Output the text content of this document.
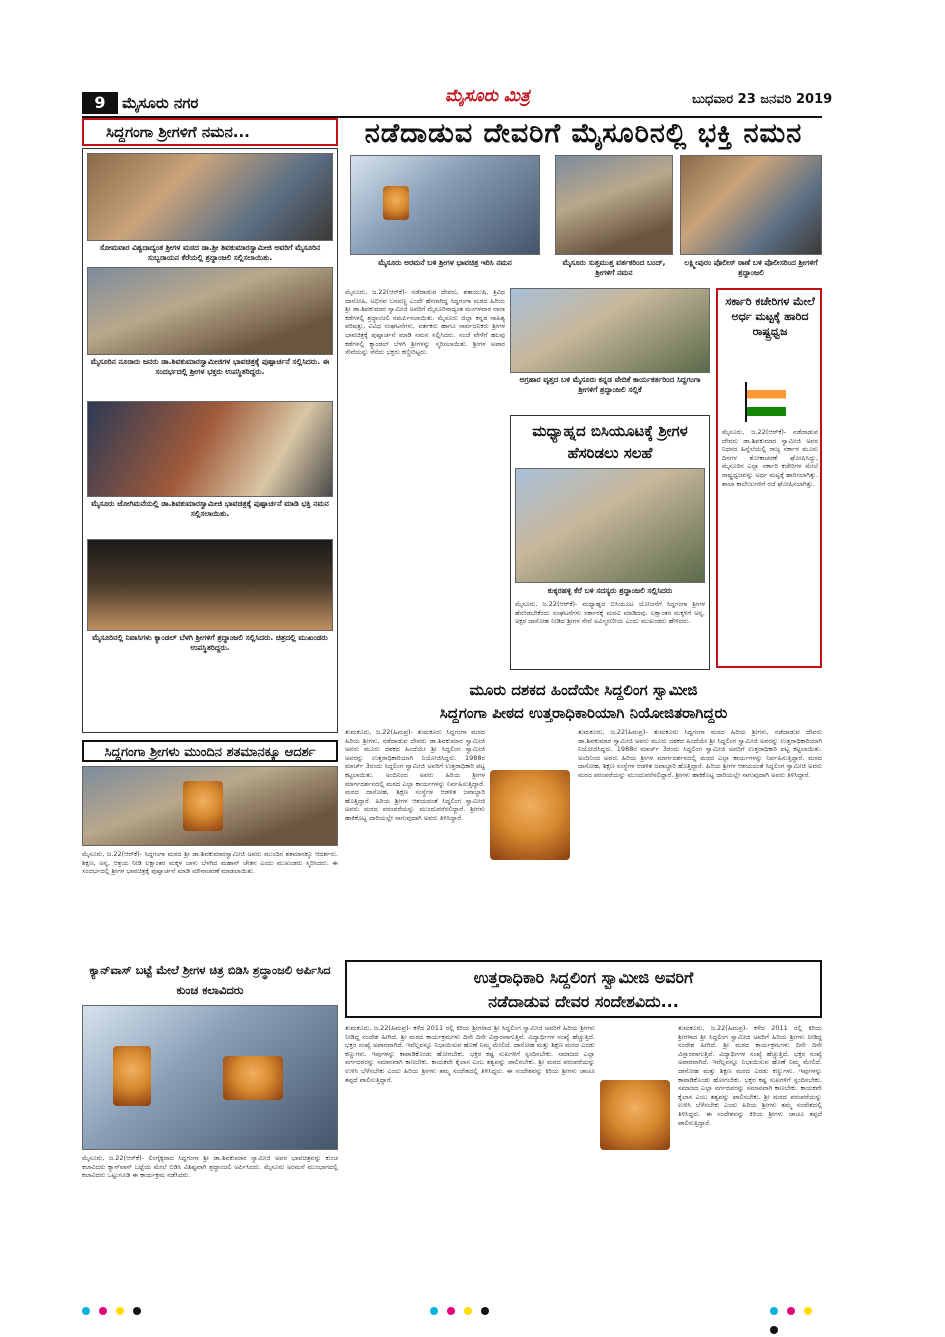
9	ಮೈಸೂರು ನಗರ	ಮೈಸೂರು ಮಿತ್ರ	ಬುಧವಾರ 23 ಜನವರಿ 2019
ಸಿದ್ದಗಂಗಾ ಶ್ರೀಗಳಿಗೆ ನಮನ...	ನಡೆದಾಡುವ ದೇವರಿಗೆ ಮೈಸೂರಿನಲ್ಲಿ ಭಕ್ತಿ ನಮನ
ಸೋಮವಾರ ವಿಶ್ವದಾದ್ಯಂತ ಶ್ರೀಗಳ ಮಠದ ಡಾ.ಶ್ರೀ ಶಿವಕುಮಾರಸ್ವಾಮೀಜಿ ಅವರಿಗೆ ಮೈಸೂರಿನ ಸುಬ್ಬರಾಯನ ಕೆರೆಯಲ್ಲಿ ಶ್ರದ್ಧಾಂಜಲಿ ಸಲ್ಲಿಸಲಾಯಿತು.
ಮೈಸೂರಿನ ನೂರಾರು ಜನರು ಡಾ.ಶಿವಕುಮಾರಸ್ವಾಮೀಜಿಗಳ ಭಾವಚಿತ್ರಕ್ಕೆ ಪುಷ್ಪಾರ್ಚನೆ ಸಲ್ಲಿಸಿದರು. ಈ ಸಂದರ್ಭದಲ್ಲಿ ಶ್ರೀಗಳ ಭಕ್ತರು ಉಪಸ್ಥಿತರಿದ್ದರು.
ಮೈಸೂರು ಜೋಗಿಮನೆಯಲ್ಲಿ ಡಾ.ಶಿವಕುಮಾರಸ್ವಾಮೀಜಿ ಭಾವಚಿತ್ರಕ್ಕೆ ಪುಷ್ಪಾರ್ಚನೆ ಮಾಡಿ ಭಕ್ತಿ ನಮನ ಸಲ್ಲಿಸಲಾಯಿತು.
ಮೈಸೂರಿನಲ್ಲಿ ನಿವಾಸಿಗಳು ಕ್ಯಾಂಡಲ್ ಬೆಳಗಿ ಶ್ರೀಗಳಿಗೆ ಶ್ರದ್ಧಾಂಜಲಿ ಸಲ್ಲಿಸಿದರು. ಚಿತ್ರದಲ್ಲಿ ಮುಖಂಡರು ಉಪಸ್ಥಿತರಿದ್ದರು.
ಮೈಸೂರು ಅರಮನೆ ಬಳಿ ಶ್ರೀಗಳ ಭಾವಚಿತ್ರ ಇರಿಸಿ ನಮನ	ಮೈಸೂರು ಸುತ್ತಮುತ್ತ ವರ್ತಕರಿಂದ ಬಂದ್, ಶ್ರೀಗಳಿಗೆ ನಮನ
ಲಕ್ಷ್ಮೀಪುರಂ ಪೊಲೀಸ್ ಠಾಣೆ ಬಳಿ ಪೊಲೀಸರಿಂದ ಶ್ರೀಗಳಿಗೆ ಶ್ರದ್ಧಾಂಜಲಿ
ಮೈಸೂರು, ಜ.22(ಆರ್‌ಕೆ)- ನಡೆದಾಡುವ ದೇವರು, ಶತಾಯುಷಿ, ತ್ರಿವಿಧ ದಾಸೋಹಿ, ಅಭಿನವ ಬಸವಣ್ಣ ಎಂದೇ ಹೆಸರಾಗಿದ್ದ ಸಿದ್ದಗಂಗಾ ಮಠದ ಹಿರಿಯ ಶ್ರೀ ಡಾ.ಶಿವಕುಮಾರ ಸ್ವಾಮೀಜಿ ಅವರಿಗೆ ಮೈಸೂರಿನಾದ್ಯಂತ ಮಂಗಳವಾರ ನಾನಾ ಕಡೆಗಳಲ್ಲಿ ಶ್ರದ್ಧಾಂಜಲಿ ಸಮರ್ಪಿಸಲಾಯಿತು. ಮೈಸೂರು ಜಿಲ್ಲಾ ಕನ್ನಡ ಸಾಹಿತ್ಯ ಪರಿಷತ್ತು, ವಿವಿಧ ಸಂಘಟನೆಗಳು, ವರ್ತಕರು ಹಾಗೂ ಸಾರ್ವಜನಿಕರು ಶ್ರೀಗಳ ಭಾವಚಿತ್ರಕ್ಕೆ ಪುಷ್ಪಾರ್ಚನೆ ಮಾಡಿ ನಮನ ಸಲ್ಲಿಸಿದರು. ಸಂಜೆ ವೇಳೆಗೆ ಹಲವು ಕಡೆಗಳಲ್ಲಿ ಕ್ಯಾಂಡಲ್ ಬೆಳಗಿ ಶ್ರೀಗಳನ್ನು ಸ್ಮರಿಸಲಾಯಿತು. ಶ್ರೀಗಳ ಅಪಾರ ಸೇವೆಯನ್ನು ನೆನೆದು ಭಕ್ತರು ಕಣ್ಣೀರಿಟ್ಟರು.
ಅಗ್ರಹಾರ ವೃತ್ತದ ಬಳಿ ಮೈಸೂರು ಕನ್ನಡ ವೇದಿಕೆ ಕಾರ್ಯಕರ್ತರಿಂದ ಸಿದ್ದಗಂಗಾ ಶ್ರೀಗಳಿಗೆ ಶ್ರದ್ಧಾಂಜಲಿ ಸಲ್ಲಿಕೆ
ಮಧ್ಯಾಹ್ನದ ಬಿಸಿಯೂಟಕ್ಕೆ ಶ್ರೀಗಳ ಹೆಸರಿಡಲು ಸಲಹೆ
ಕುಕ್ಕರಹಳ್ಳಿ ಕೆರೆ ಬಳಿ ಸದಸ್ಯರು ಶ್ರದ್ಧಾಂಜಲಿ ಸಲ್ಲಿಸಿದರು
ಮೈಸೂರು, ಜ.22(ಆರ್‌ಕೆ)- ಮಧ್ಯಾಹ್ನದ ಬಿಸಿಯೂಟ ಯೋಜನೆಗೆ ಸಿದ್ದಗಂಗಾ ಶ್ರೀಗಳ ಹೆಸರಿಡಬೇಕೆಂದು ಸಂಘಟನೆಗಳು ಸರ್ಕಾರಕ್ಕೆ ಮನವಿ ಮಾಡಿದವು. ಲಕ್ಷಾಂತರ ಮಕ್ಕಳಿಗೆ ಅನ್ನ, ಅಕ್ಷರ ದಾಸೋಹ ನೀಡಿದ ಶ್ರೀಗಳ ಸೇವೆ ಅವಿಸ್ಮರಣೀಯ ಎಂದು ಮುಖಂಡರು ಹೇಳಿದರು.
ಸರ್ಕಾರಿ ಕಚೇರಿಗಳ ಮೇಲೆ ಅರ್ಧ ಮಟ್ಟಕ್ಕೆ ಹಾರಿದ ರಾಷ್ಟ್ರಧ್ವಜ
ಮೈಸೂರು, ಜ.22(ಆರ್‌ಕೆ)- ನಡೆದಾಡುವ ದೇವರು ಡಾ.ಶಿವಕುಮಾರ ಸ್ವಾಮೀಜಿ ಅವರ ನಿಧನದ ಹಿನ್ನೆಲೆಯಲ್ಲಿ ರಾಜ್ಯ ಸರ್ಕಾರ ಮೂರು ದಿನಗಳ ಶೋಕಾಚರಣೆ ಘೋಷಿಸಿದ್ದು, ಮೈಸೂರಿನ ಎಲ್ಲಾ ಸರ್ಕಾರಿ ಕಚೇರಿಗಳ ಮೇಲೆ ರಾಷ್ಟ್ರಧ್ವಜವನ್ನು ಅರ್ಧ ಮಟ್ಟಕ್ಕೆ ಹಾರಿಸಲಾಗಿತ್ತು. ಶಾಲಾ ಕಾಲೇಜುಗಳಿಗೆ ರಜೆ ಘೋಷಿಸಲಾಗಿತ್ತು.
ಸಿದ್ದಗಂಗಾ ಶ್ರೀಗಳು ಮುಂದಿನ ಶತಮಾನಕ್ಕೂ ಆದರ್ಶ
ಮೈಸೂರು, ಜ.22(ಆರ್‌ಕೆ)- ಸಿದ್ದಗಂಗಾ ಮಠದ ಶ್ರೀ ಡಾ.ಶಿವಕುಮಾರಸ್ವಾಮೀಜಿ ಅವರು ಮುಂದಿನ ಶತಮಾನಕ್ಕೂ ಆದರ್ಶರು. ಶಿಕ್ಷಣ, ಅನ್ನ, ಆಶ್ರಯ ನೀಡಿ ಲಕ್ಷಾಂತರ ಮಕ್ಕಳ ಬಾಳು ಬೆಳಗಿದ ಮಹಾನ್ ಚೇತನ ಎಂದು ಮುಖಂಡರು ಸ್ಮರಿಸಿದರು. ಈ ಸಂದರ್ಭದಲ್ಲಿ ಶ್ರೀಗಳ ಭಾವಚಿತ್ರಕ್ಕೆ ಪುಷ್ಪಾರ್ಚನೆ ಮಾಡಿ ಮೌನಾಚರಣೆ ಮಾಡಲಾಯಿತು.
ಕ್ಯಾನ್‌ವಾಸ್ ಬಟ್ಟೆ ಮೇಲೆ ಶ್ರೀಗಳ ಚಿತ್ರ ಬಿಡಿಸಿ ಶ್ರದ್ಧಾಂಜಲಿ ಅರ್ಪಿಸಿದ ಕುಂಚ ಕಲಾವಿದರು
ಮೈಸೂರು, ಜ.22(ಆರ್‌ಕೆ)- ಲಿಂಗೈಕ್ಯರಾದ ಸಿದ್ದಗಂಗಾ ಶ್ರೀ ಡಾ.ಶಿವಕುಮಾರ ಸ್ವಾಮೀಜಿ ಅವರ ಭಾವಚಿತ್ರವನ್ನು ಕುಂಚ ಕಲಾವಿದರು ಕ್ಯಾನ್‌ವಾಸ್ ಬಟ್ಟೆಯ ಮೇಲೆ ಬಿಡಿಸಿ ವಿಶಿಷ್ಟವಾಗಿ ಶ್ರದ್ಧಾಂಜಲಿ ಅರ್ಪಿಸಿದರು. ಮೈಸೂರು ಅರಮನೆ ಮುಂಭಾಗದಲ್ಲಿ ಕಲಾವಿದರು ಒಟ್ಟುಗೂಡಿ ಈ ಕಾರ್ಯಕ್ರಮ ನಡೆಸಿದರು.
ಮೂರು ದಶಕದ ಹಿಂದೆಯೇ ಸಿದ್ದಲಿಂಗ ಸ್ವಾಮೀಜಿ
ಸಿದ್ದಗಂಗಾ ಪೀಠದ ಉತ್ತರಾಧಿಕಾರಿಯಾಗಿ ನಿಯೋಜಿತರಾಗಿದ್ದರು
ತುಮಕೂರು, ಜ.22(ಹಿಮಪ್ರ)- ತುಮಕೂರು ಸಿದ್ದಗಂಗಾ ಮಠದ ಹಿರಿಯ ಶ್ರೀಗಳು, ನಡೆದಾಡುವ ದೇವರು ಡಾ.ಶಿವಕುಮಾರ ಸ್ವಾಮೀಜಿ ಅವರು ಮೂರು ದಶಕದ ಹಿಂದೆಯೇ ಶ್ರೀ ಸಿದ್ದಲಿಂಗ ಸ್ವಾಮೀಜಿ ಅವರನ್ನು ಉತ್ತರಾಧಿಕಾರಿಯಾಗಿ ನಿಯೋಜಿಸಿದ್ದರು. 1988ರ ಮಾರ್ಚ್ 3ರಂದು ಸಿದ್ದಲಿಂಗ ಸ್ವಾಮೀಜಿ ಅವರಿಗೆ ಉತ್ತರಾಧಿಕಾರಿ ಪಟ್ಟ ಕಟ್ಟಲಾಯಿತು. ಅಂದಿನಿಂದ ಅವರು ಹಿರಿಯ ಶ್ರೀಗಳ ಮಾರ್ಗದರ್ಶನದಲ್ಲಿ ಮಠದ ಎಲ್ಲಾ ಕಾರ್ಯಗಳನ್ನು ನಿರ್ವಹಿಸುತ್ತಿದ್ದಾರೆ. ಮಠದ ದಾಸೋಹ, ಶಿಕ್ಷಣ ಸಂಸ್ಥೆಗಳ ಆಡಳಿತ ಜವಾಬ್ದಾರಿ ಹೊತ್ತಿದ್ದಾರೆ. ಹಿರಿಯ ಶ್ರೀಗಳ ಆಶಯದಂತೆ ಸಿದ್ದಲಿಂಗ ಸ್ವಾಮೀಜಿ ಅವರು ಮಠದ ಪರಂಪರೆಯನ್ನು ಮುಂದುವರೆಸಲಿದ್ದಾರೆ. ಶ್ರೀಗಳು ಹಾಕಿಕೊಟ್ಟ ದಾರಿಯಲ್ಲೇ ಸಾಗುವುದಾಗಿ ಅವರು ತಿಳಿಸಿದ್ದಾರೆ.
ತುಮಕೂರು, ಜ.22(ಹಿಮಪ್ರ)- ತುಮಕೂರು ಸಿದ್ದಗಂಗಾ ಮಠದ ಹಿರಿಯ ಶ್ರೀಗಳು, ನಡೆದಾಡುವ ದೇವರು ಡಾ.ಶಿವಕುಮಾರ ಸ್ವಾಮೀಜಿ ಅವರು ಮೂರು ದಶಕದ ಹಿಂದೆಯೇ ಶ್ರೀ ಸಿದ್ದಲಿಂಗ ಸ್ವಾಮೀಜಿ ಅವರನ್ನು ಉತ್ತರಾಧಿಕಾರಿಯಾಗಿ ನಿಯೋಜಿಸಿದ್ದರು. 1988ರ ಮಾರ್ಚ್ 3ರಂದು ಸಿದ್ದಲಿಂಗ ಸ್ವಾಮೀಜಿ ಅವರಿಗೆ ಉತ್ತರಾಧಿಕಾರಿ ಪಟ್ಟ ಕಟ್ಟಲಾಯಿತು. ಅಂದಿನಿಂದ ಅವರು ಹಿರಿಯ ಶ್ರೀಗಳ ಮಾರ್ಗದರ್ಶನದಲ್ಲಿ ಮಠದ ಎಲ್ಲಾ ಕಾರ್ಯಗಳನ್ನು ನಿರ್ವಹಿಸುತ್ತಿದ್ದಾರೆ. ಮಠದ ದಾಸೋಹ, ಶಿಕ್ಷಣ ಸಂಸ್ಥೆಗಳ ಆಡಳಿತ ಜವಾಬ್ದಾರಿ ಹೊತ್ತಿದ್ದಾರೆ. ಹಿರಿಯ ಶ್ರೀಗಳ ಆಶಯದಂತೆ ಸಿದ್ದಲಿಂಗ ಸ್ವಾಮೀಜಿ ಅವರು ಮಠದ ಪರಂಪರೆಯನ್ನು ಮುಂದುವರೆಸಲಿದ್ದಾರೆ. ಶ್ರೀಗಳು ಹಾಕಿಕೊಟ್ಟ ದಾರಿಯಲ್ಲೇ ಸಾಗುವುದಾಗಿ ಅವರು ತಿಳಿಸಿದ್ದಾರೆ.
ಉತ್ತರಾಧಿಕಾರಿ ಸಿದ್ದಲಿಂಗ ಸ್ವಾಮೀಜಿ ಅವರಿಗೆ
ನಡೆದಾಡುವ ದೇವರ ಸಂದೇಶವಿದು...
ತುಮಕೂರು, ಜ.22(ಹಿಮಪ್ರ)- ಕಳೆದ 2011 ರಲ್ಲಿ ಕಿರಿಯ ಶ್ರೀಗಳಾದ ಶ್ರೀ ಸಿದ್ದಲಿಂಗ ಸ್ವಾಮೀಜಿ ಅವರಿಗೆ ಹಿರಿಯ ಶ್ರೀಗಳು ನೀಡಿದ್ದ ಸಂದೇಶ ಹೀಗಿದೆ. ಶ್ರೀ ಮಠದ ಕಾರ್ಯಕ್ರಮಗಳು ದಿನೇ ದಿನೇ ವಿಸ್ತಾರವಾಗುತ್ತಿವೆ. ವಿದ್ಯಾರ್ಥಿಗಳ ಸಂಖ್ಯೆ ಹೆಚ್ಚುತ್ತಿದೆ. ಭಕ್ತರ ಸಂಖ್ಯೆ ಅಪಾರವಾಗಿದೆ. ಇವೆಲ್ಲವನ್ನೂ ನಿಭಾಯಿಸುವ ಹೊಣೆ ನಿಮ್ಮ ಮೇಲಿದೆ. ದಾಸೋಹ ಮತ್ತು ಶಿಕ್ಷಣ ಮಠದ ಎರಡು ಕಣ್ಣುಗಳು. ಇವುಗಳನ್ನು ಕಾಪಾಡಿಕೊಂಡು ಹೋಗಬೇಕು. ಭಕ್ತರ ಕಷ್ಟ ಸುಖಗಳಿಗೆ ಸ್ಪಂದಿಸಬೇಕು. ಸಮಾಜದ ಎಲ್ಲಾ ವರ್ಗದವರನ್ನು ಸಮಾನವಾಗಿ ಕಾಣಬೇಕು. ಕಾಯಕವೇ ಕೈಲಾಸ ಎಂಬ ತತ್ವವನ್ನು ಪಾಲಿಸಬೇಕು. ಶ್ರೀ ಮಠದ ಪರಂಪರೆಯನ್ನು ಉಳಿಸಿ ಬೆಳೆಸಬೇಕು ಎಂದು ಹಿರಿಯ ಶ್ರೀಗಳು ತಮ್ಮ ಸಂದೇಶದಲ್ಲಿ ತಿಳಿಸಿದ್ದರು. ಈ ಸಂದೇಶವನ್ನು ಕಿರಿಯ ಶ್ರೀಗಳು ಚಾಚೂ ತಪ್ಪದೆ ಪಾಲಿಸುತ್ತಿದ್ದಾರೆ.
ತುಮಕೂರು, ಜ.22(ಹಿಮಪ್ರ)- ಕಳೆದ 2011 ರಲ್ಲಿ ಕಿರಿಯ ಶ್ರೀಗಳಾದ ಶ್ರೀ ಸಿದ್ದಲಿಂಗ ಸ್ವಾಮೀಜಿ ಅವರಿಗೆ ಹಿರಿಯ ಶ್ರೀಗಳು ನೀಡಿದ್ದ ಸಂದೇಶ ಹೀಗಿದೆ. ಶ್ರೀ ಮಠದ ಕಾರ್ಯಕ್ರಮಗಳು ದಿನೇ ದಿನೇ ವಿಸ್ತಾರವಾಗುತ್ತಿವೆ. ವಿದ್ಯಾರ್ಥಿಗಳ ಸಂಖ್ಯೆ ಹೆಚ್ಚುತ್ತಿದೆ. ಭಕ್ತರ ಸಂಖ್ಯೆ ಅಪಾರವಾಗಿದೆ. ಇವೆಲ್ಲವನ್ನೂ ನಿಭಾಯಿಸುವ ಹೊಣೆ ನಿಮ್ಮ ಮೇಲಿದೆ. ದಾಸೋಹ ಮತ್ತು ಶಿಕ್ಷಣ ಮಠದ ಎರಡು ಕಣ್ಣುಗಳು. ಇವುಗಳನ್ನು ಕಾಪಾಡಿಕೊಂಡು ಹೋಗಬೇಕು. ಭಕ್ತರ ಕಷ್ಟ ಸುಖಗಳಿಗೆ ಸ್ಪಂದಿಸಬೇಕು. ಸಮಾಜದ ಎಲ್ಲಾ ವರ್ಗದವರನ್ನು ಸಮಾನವಾಗಿ ಕಾಣಬೇಕು. ಕಾಯಕವೇ ಕೈಲಾಸ ಎಂಬ ತತ್ವವನ್ನು ಪಾಲಿಸಬೇಕು. ಶ್ರೀ ಮಠದ ಪರಂಪರೆಯನ್ನು ಉಳಿಸಿ ಬೆಳೆಸಬೇಕು ಎಂದು ಹಿರಿಯ ಶ್ರೀಗಳು ತಮ್ಮ ಸಂದೇಶದಲ್ಲಿ ತಿಳಿಸಿದ್ದರು. ಈ ಸಂದೇಶವನ್ನು ಕಿರಿಯ ಶ್ರೀಗಳು ಚಾಚೂ ತಪ್ಪದೆ ಪಾಲಿಸುತ್ತಿದ್ದಾರೆ.
